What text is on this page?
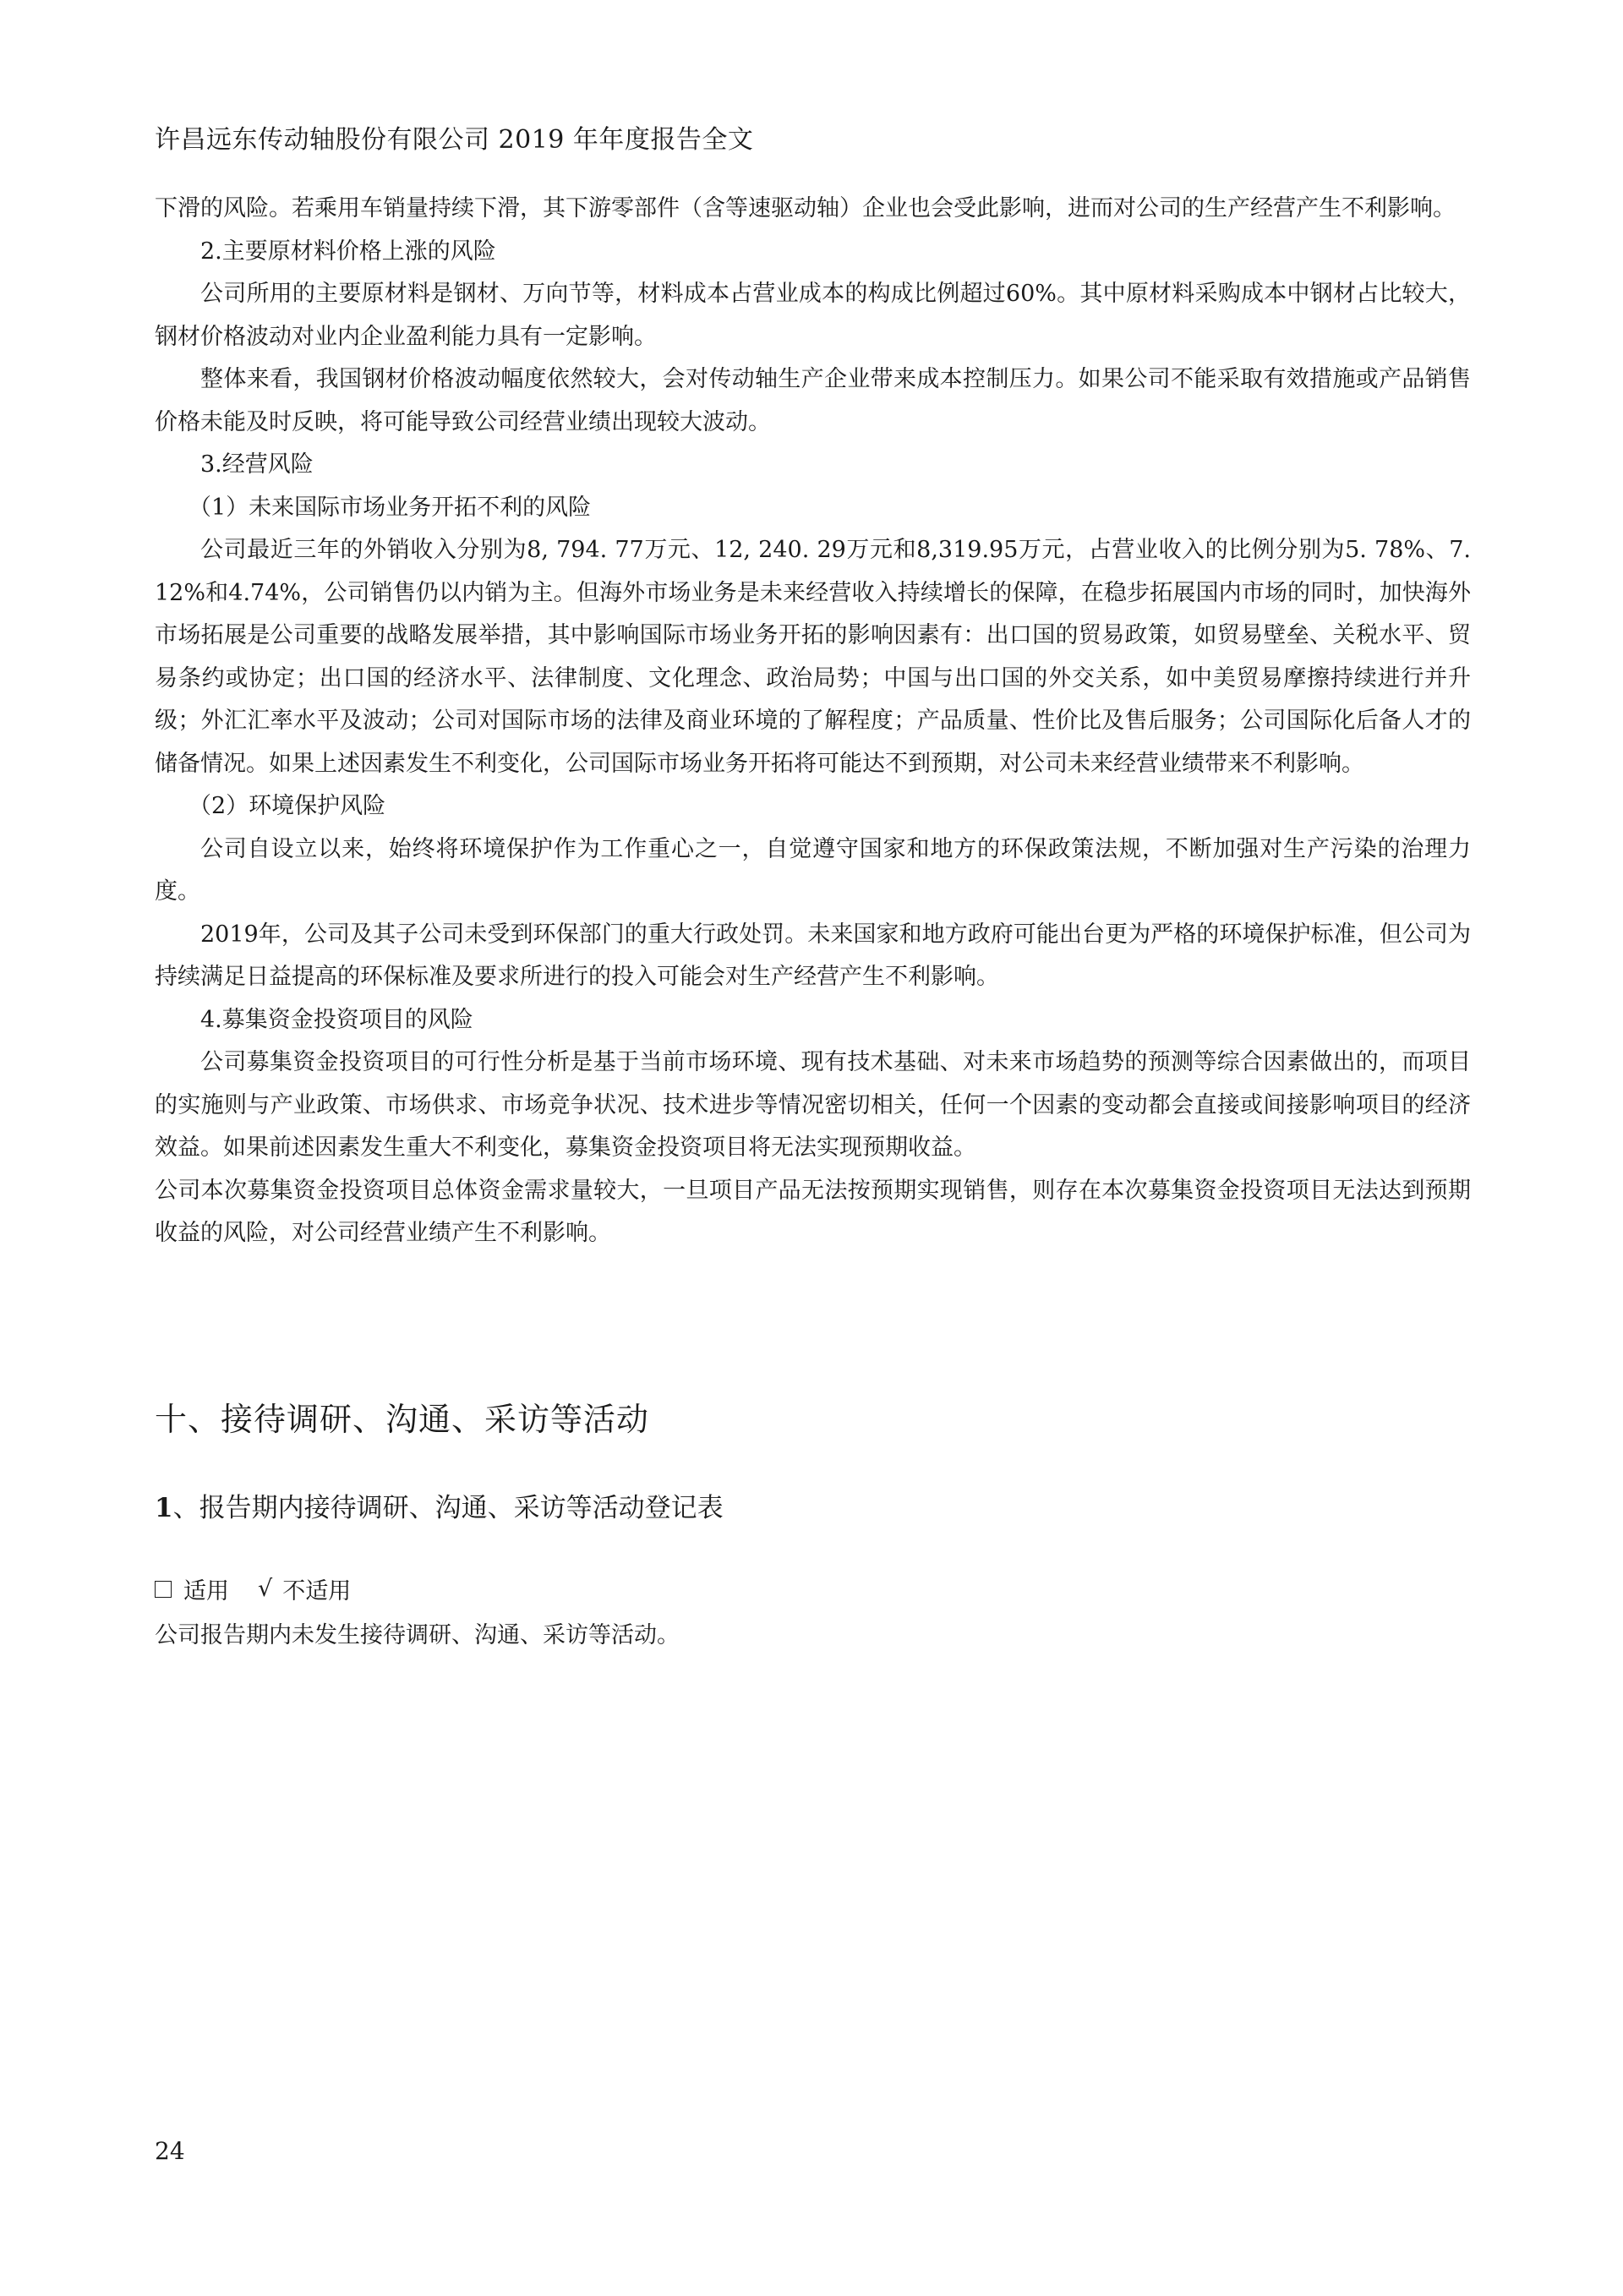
许昌远东传动轴股份有限公司 2019 年年度报告全文

下滑的风险。若乘用车销量持续下滑，其下游零部件（含等速驱动轴）企业也会受此影响，进而对公司的生产经营产生不利影响。

2.主要原材料价格上涨的风险

公司所用的主要原材料是钢材、万向节等，材料成本占营业成本的构成比例超过60%。其中原材料采购成本中钢材占比较大，钢材价格波动对业内企业盈利能力具有一定影响。

整体来看，我国钢材价格波动幅度依然较大，会对传动轴生产企业带来成本控制压力。如果公司不能采取有效措施或产品销售价格未能及时反映，将可能导致公司经营业绩出现较大波动。

3.经营风险

（1）未来国际市场业务开拓不利的风险

公司最近三年的外销收入分别为8, 794. 77万元、12, 240. 29万元和8,319.95万元，占营业收入的比例分别为5. 78%、7. 12%和4.74%，公司销售仍以内销为主。但海外市场业务是未来经营收入持续增长的保障，在稳步拓展国内市场的同时，加快海外市场拓展是公司重要的战略发展举措，其中影响国际市场业务开拓的影响因素有：出口国的贸易政策，如贸易壁垒、关税水平、贸易条约或协定；出口国的经济水平、法律制度、文化理念、政治局势；中国与出口国的外交关系，如中美贸易摩擦持续进行并升级；外汇汇率水平及波动；公司对国际市场的法律及商业环境的了解程度；产品质量、性价比及售后服务；公司国际化后备人才的储备情况。如果上述因素发生不利变化，公司国际市场业务开拓将可能达不到预期，对公司未来经营业绩带来不利影响。

（2）环境保护风险

公司自设立以来，始终将环境保护作为工作重心之一，自觉遵守国家和地方的环保政策法规，不断加强对生产污染的治理力度。

2019年，公司及其子公司未受到环保部门的重大行政处罚。未来国家和地方政府可能出台更为严格的环境保护标准，但公司为持续满足日益提高的环保标准及要求所进行的投入可能会对生产经营产生不利影响。

4.募集资金投资项目的风险

公司募集资金投资项目的可行性分析是基于当前市场环境、现有技术基础、对未来市场趋势的预测等综合因素做出的，而项目的实施则与产业政策、市场供求、市场竞争状况、技术进步等情况密切相关，任何一个因素的变动都会直接或间接影响项目的经济效益。如果前述因素发生重大不利变化，募集资金投资项目将无法实现预期收益。

公司本次募集资金投资项目总体资金需求量较大，一旦项目产品无法按预期实现销售，则存在本次募集资金投资项目无法达到预期收益的风险，对公司经营业绩产生不利影响。

十、接待调研、沟通、采访等活动
1、报告期内接待调研、沟通、采访等活动登记表
适用 √ 不适用
公司报告期内未发生接待调研、沟通、采访等活动。
24
